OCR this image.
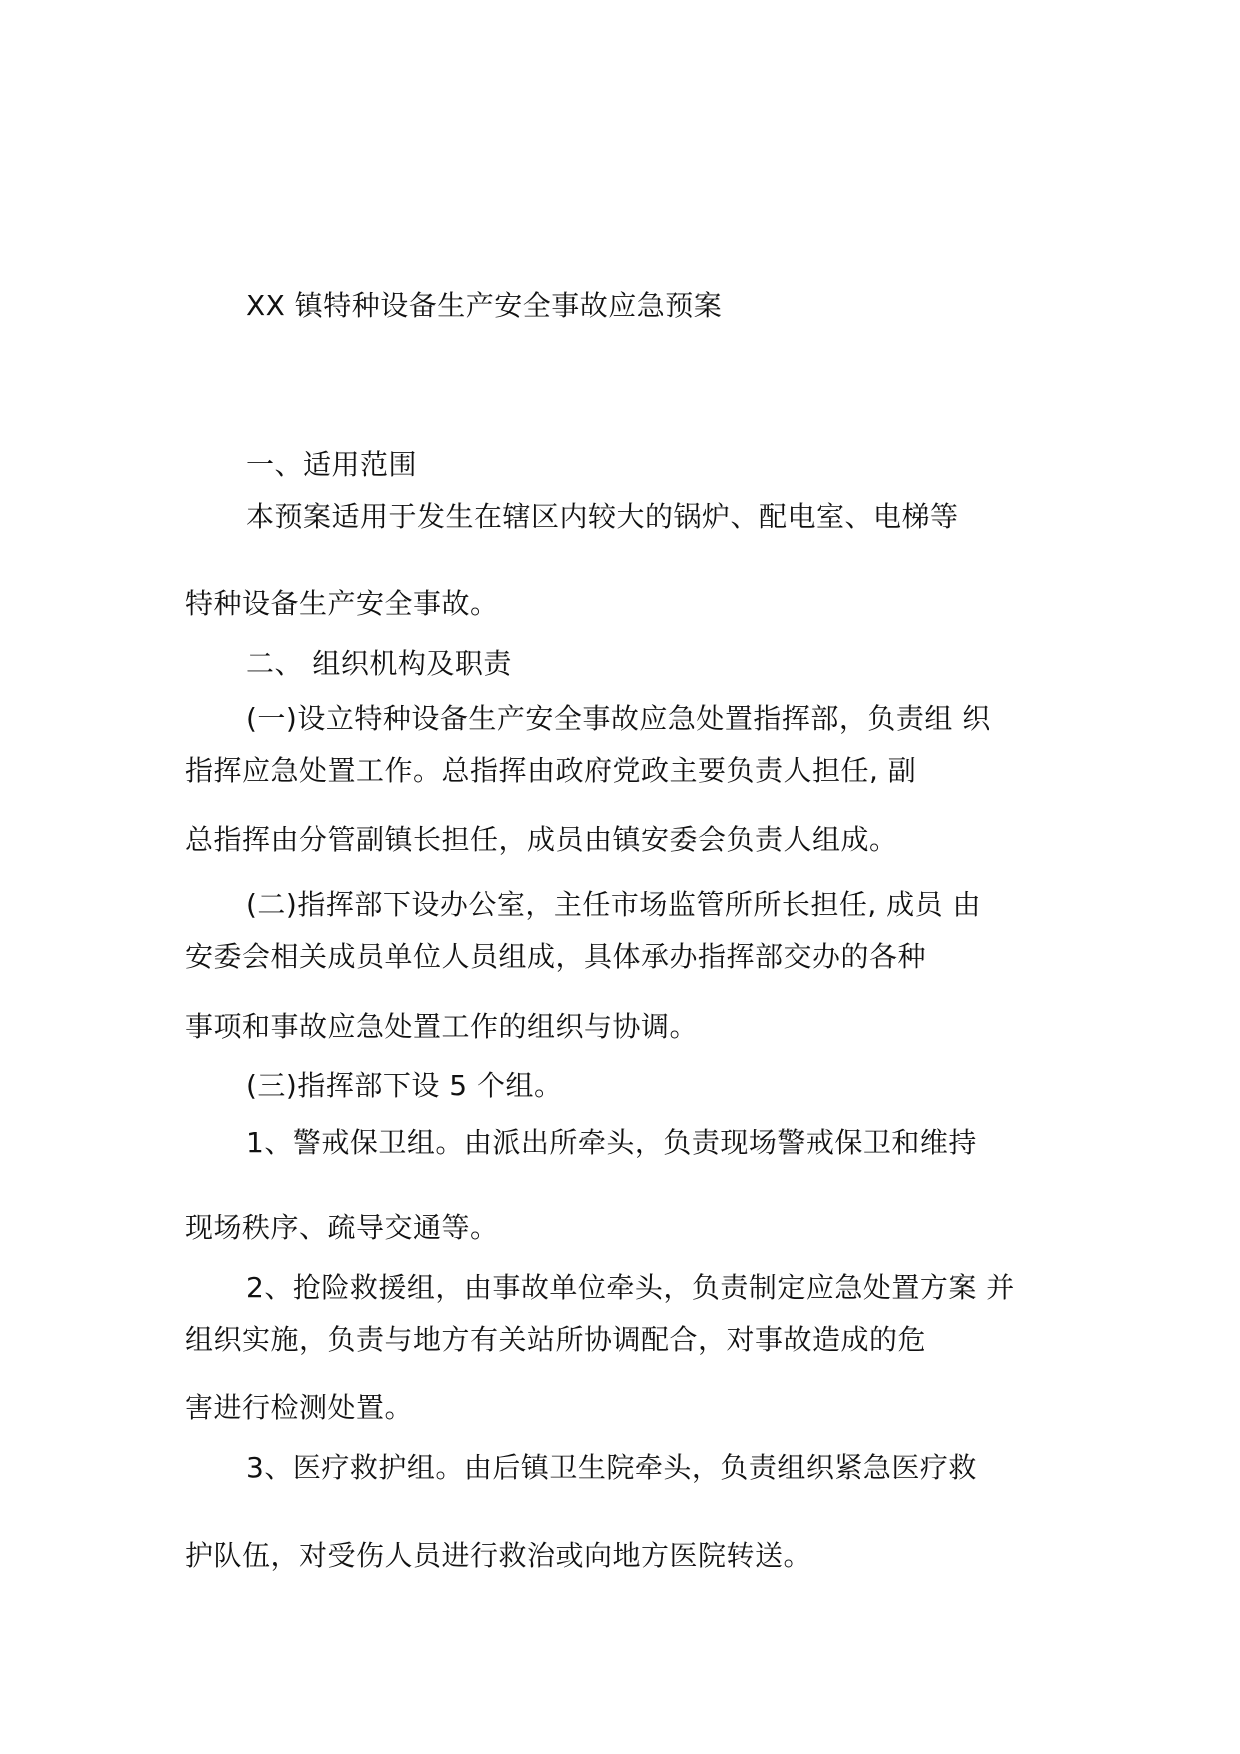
XX 镇特种设备生产安全事故应急预案
一、适用范围
本预案适用于发生在辖区内较大的锅炉、配电室、电梯等
特种设备生产安全事故。
二、 组织机构及职责
(一)设立特种设备生产安全事故应急处置指挥部，负责组 织
指挥应急处置工作。总指挥由政府党政主要负责人担任, 副
总指挥由分管副镇长担任，成员由镇安委会负责人组成。
(二)指挥部下设办公室，主任市场监管所所长担任, 成员 由
安委会相关成员单位人员组成，具体承办指挥部交办的各种
事项和事故应急处置工作的组织与协调。
(三)指挥部下设 5 个组。
1、警戒保卫组。由派出所牵头，负责现场警戒保卫和维持
现场秩序、疏导交通等。
2、抢险救援组，由事故单位牵头，负责制定应急处置方案 并
组织实施，负责与地方有关站所协调配合，对事故造成的危
害进行检测处置。
3、医疗救护组。由后镇卫生院牵头，负责组织紧急医疗救
护队伍，对受伤人员进行救治或向地方医院转送。
